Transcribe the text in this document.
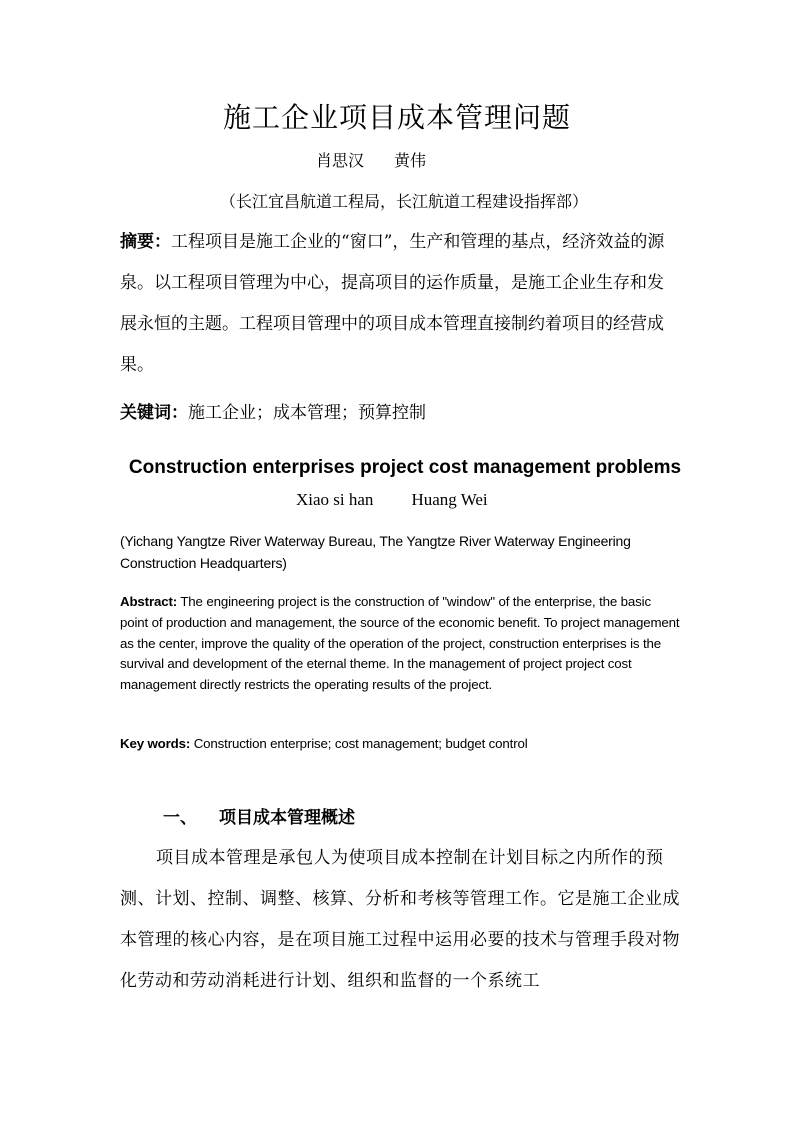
施工企业项目成本管理问题
肖思汉 黄伟
（长江宜昌航道工程局，长江航道工程建设指挥部）
摘要：工程项目是施工企业的“窗口”，生产和管理的基点，经济效益的源泉。以工程项目管理为中心，提高项目的运作质量，是施工企业生存和发展永恒的主题。工程项目管理中的项目成本管理直接制约着项目的经营成果。
关键词：施工企业；成本管理；预算控制
Construction enterprises project cost management problems
Xiao si han Huang Wei
(Yichang Yangtze River Waterway Bureau, The Yangtze River Waterway Engineering Construction Headquarters)
Abstract: The engineering project is the construction of "window" of the enterprise, the basic point of production and management, the source of the economic benefit. To project management as the center, improve the quality of the operation of the project, construction enterprises is the survival and development of the eternal theme. In the management of project project cost management directly restricts the operating results of the project.
Key words: Construction enterprise; cost management; budget control
一、 项目成本管理概述
项目成本管理是承包人为使项目成本控制在计划目标之内所作的预测、计划、控制、调整、核算、分析和考核等管理工作。它是施工企业成本管理的核心内容，是在项目施工过程中运用必要的技术与管理手段对物化劳动和劳动消耗进行计划、组织和监督的一个系统工
